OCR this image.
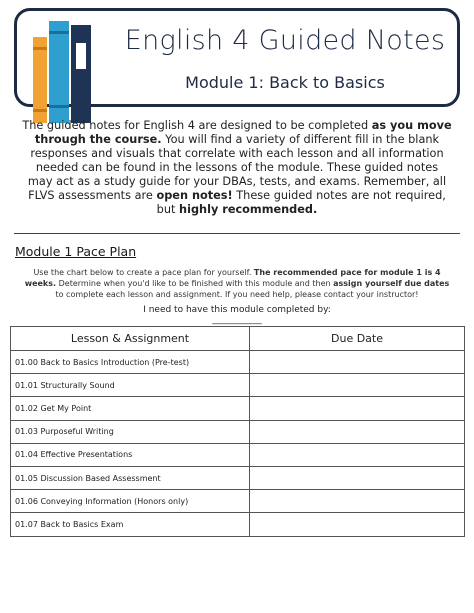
English 4 Guided Notes
Module 1: Back to Basics
The guided notes for English 4 are designed to be completed as you move through the course. You will find a variety of different fill in the blank responses and visuals that correlate with each lesson and all information needed can be found in the lessons of the module. These guided notes may act as a study guide for your DBAs, tests, and exams. Remember, all FLVS assessments are open notes! These guided notes are not required, but highly recommended.
Module 1 Pace Plan
Use the chart below to create a pace plan for yourself. The recommended pace for module 1 is 4 weeks. Determine when you'd like to be finished with this module and then assign yourself due dates to complete each lesson and assignment. If you need help, please contact your instructor!
I need to have this module completed by: ___________
Lesson & Assignment	Due Date
01.00 Back to Basics Introduction (Pre-test)	
01.01 Structurally Sound	
01.02 Get My Point	
01.03 Purposeful Writing	
01.04 Effective Presentations	
01.05 Discussion Based Assessment	
01.06 Conveying Information (Honors only)	
01.07 Back to Basics Exam	
